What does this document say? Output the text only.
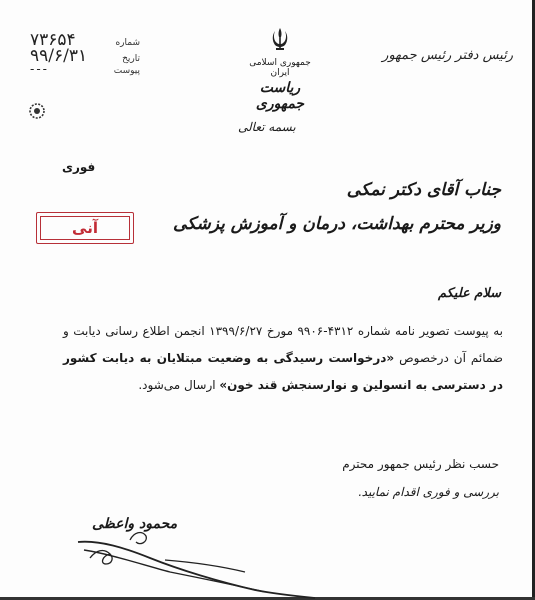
۷۳۶۵۴	شماره
۹۹/۶/۳۱	تاریخ
---	پیوست
جمهوری اسلامی ایران
ریاست جمهوری
رئیس دفتر رئیس جمهور
بسمه تعالی
فوری
آنی
جناب آقای دکتر نمکی
وزیر محترم بهداشت، درمان و آموزش پزشکی
سلام علیکم

به پیوست تصویر نامه شماره ۴۳۱۲-۹۹۰۶ مورخ ۱۳۹۹/۶/۲۷ انجمن اطلاع رسانی دیابت و ضمائم آن درخصوص «درخواست رسیدگی به وضعیت مبتلایان به دیابت کشور در دسترسی به انسولین و نوارسنجش قند خون» ارسال می‌شود.

حسب نظر رئیس جمهور محترم
بررسی و فوری اقدام نمایید.
محمود واعظی
